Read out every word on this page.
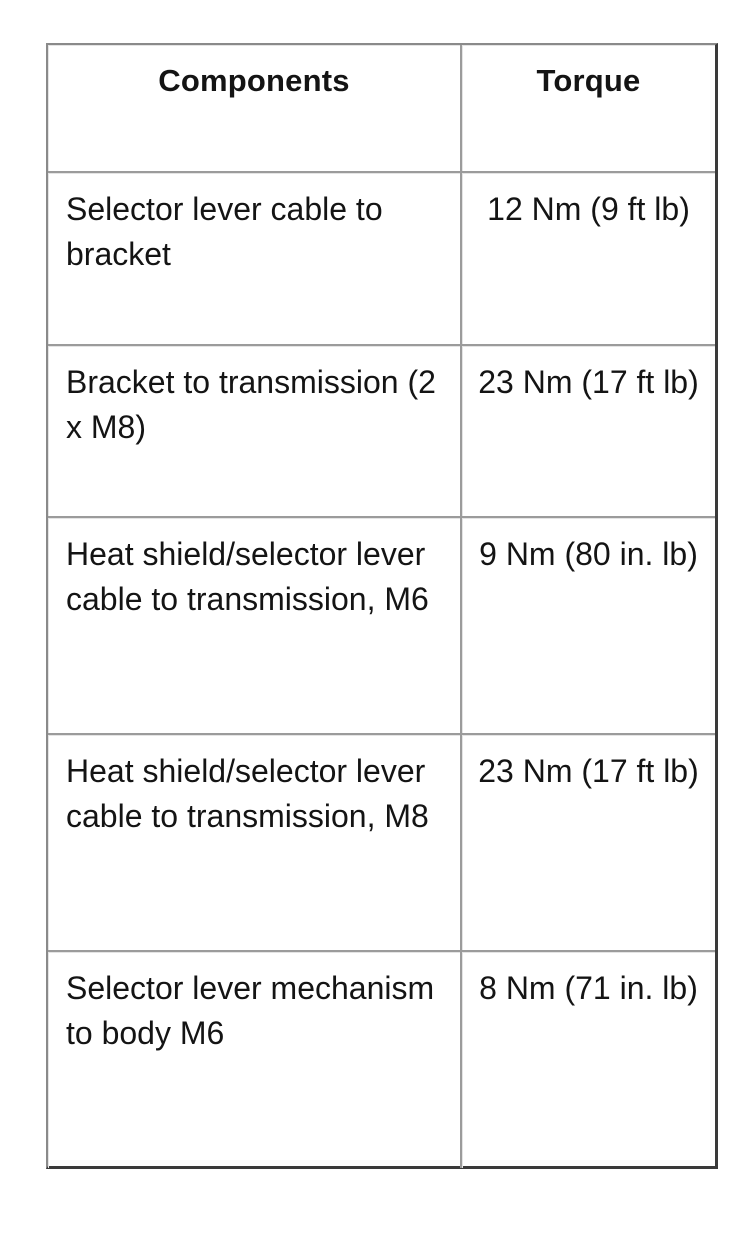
Components	Torque
Selector lever cable to bracket	12 Nm (9 ft lb)
Bracket to transmission (2 x M8)	23 Nm (17 ft lb)
Heat shield/selector lever cable to transmission, M6	9 Nm (80 in. lb)
Heat shield/selector lever cable to transmission, M8	23 Nm (17 ft lb)
Selector lever mechanism to body M6	8 Nm (71 in. lb)
